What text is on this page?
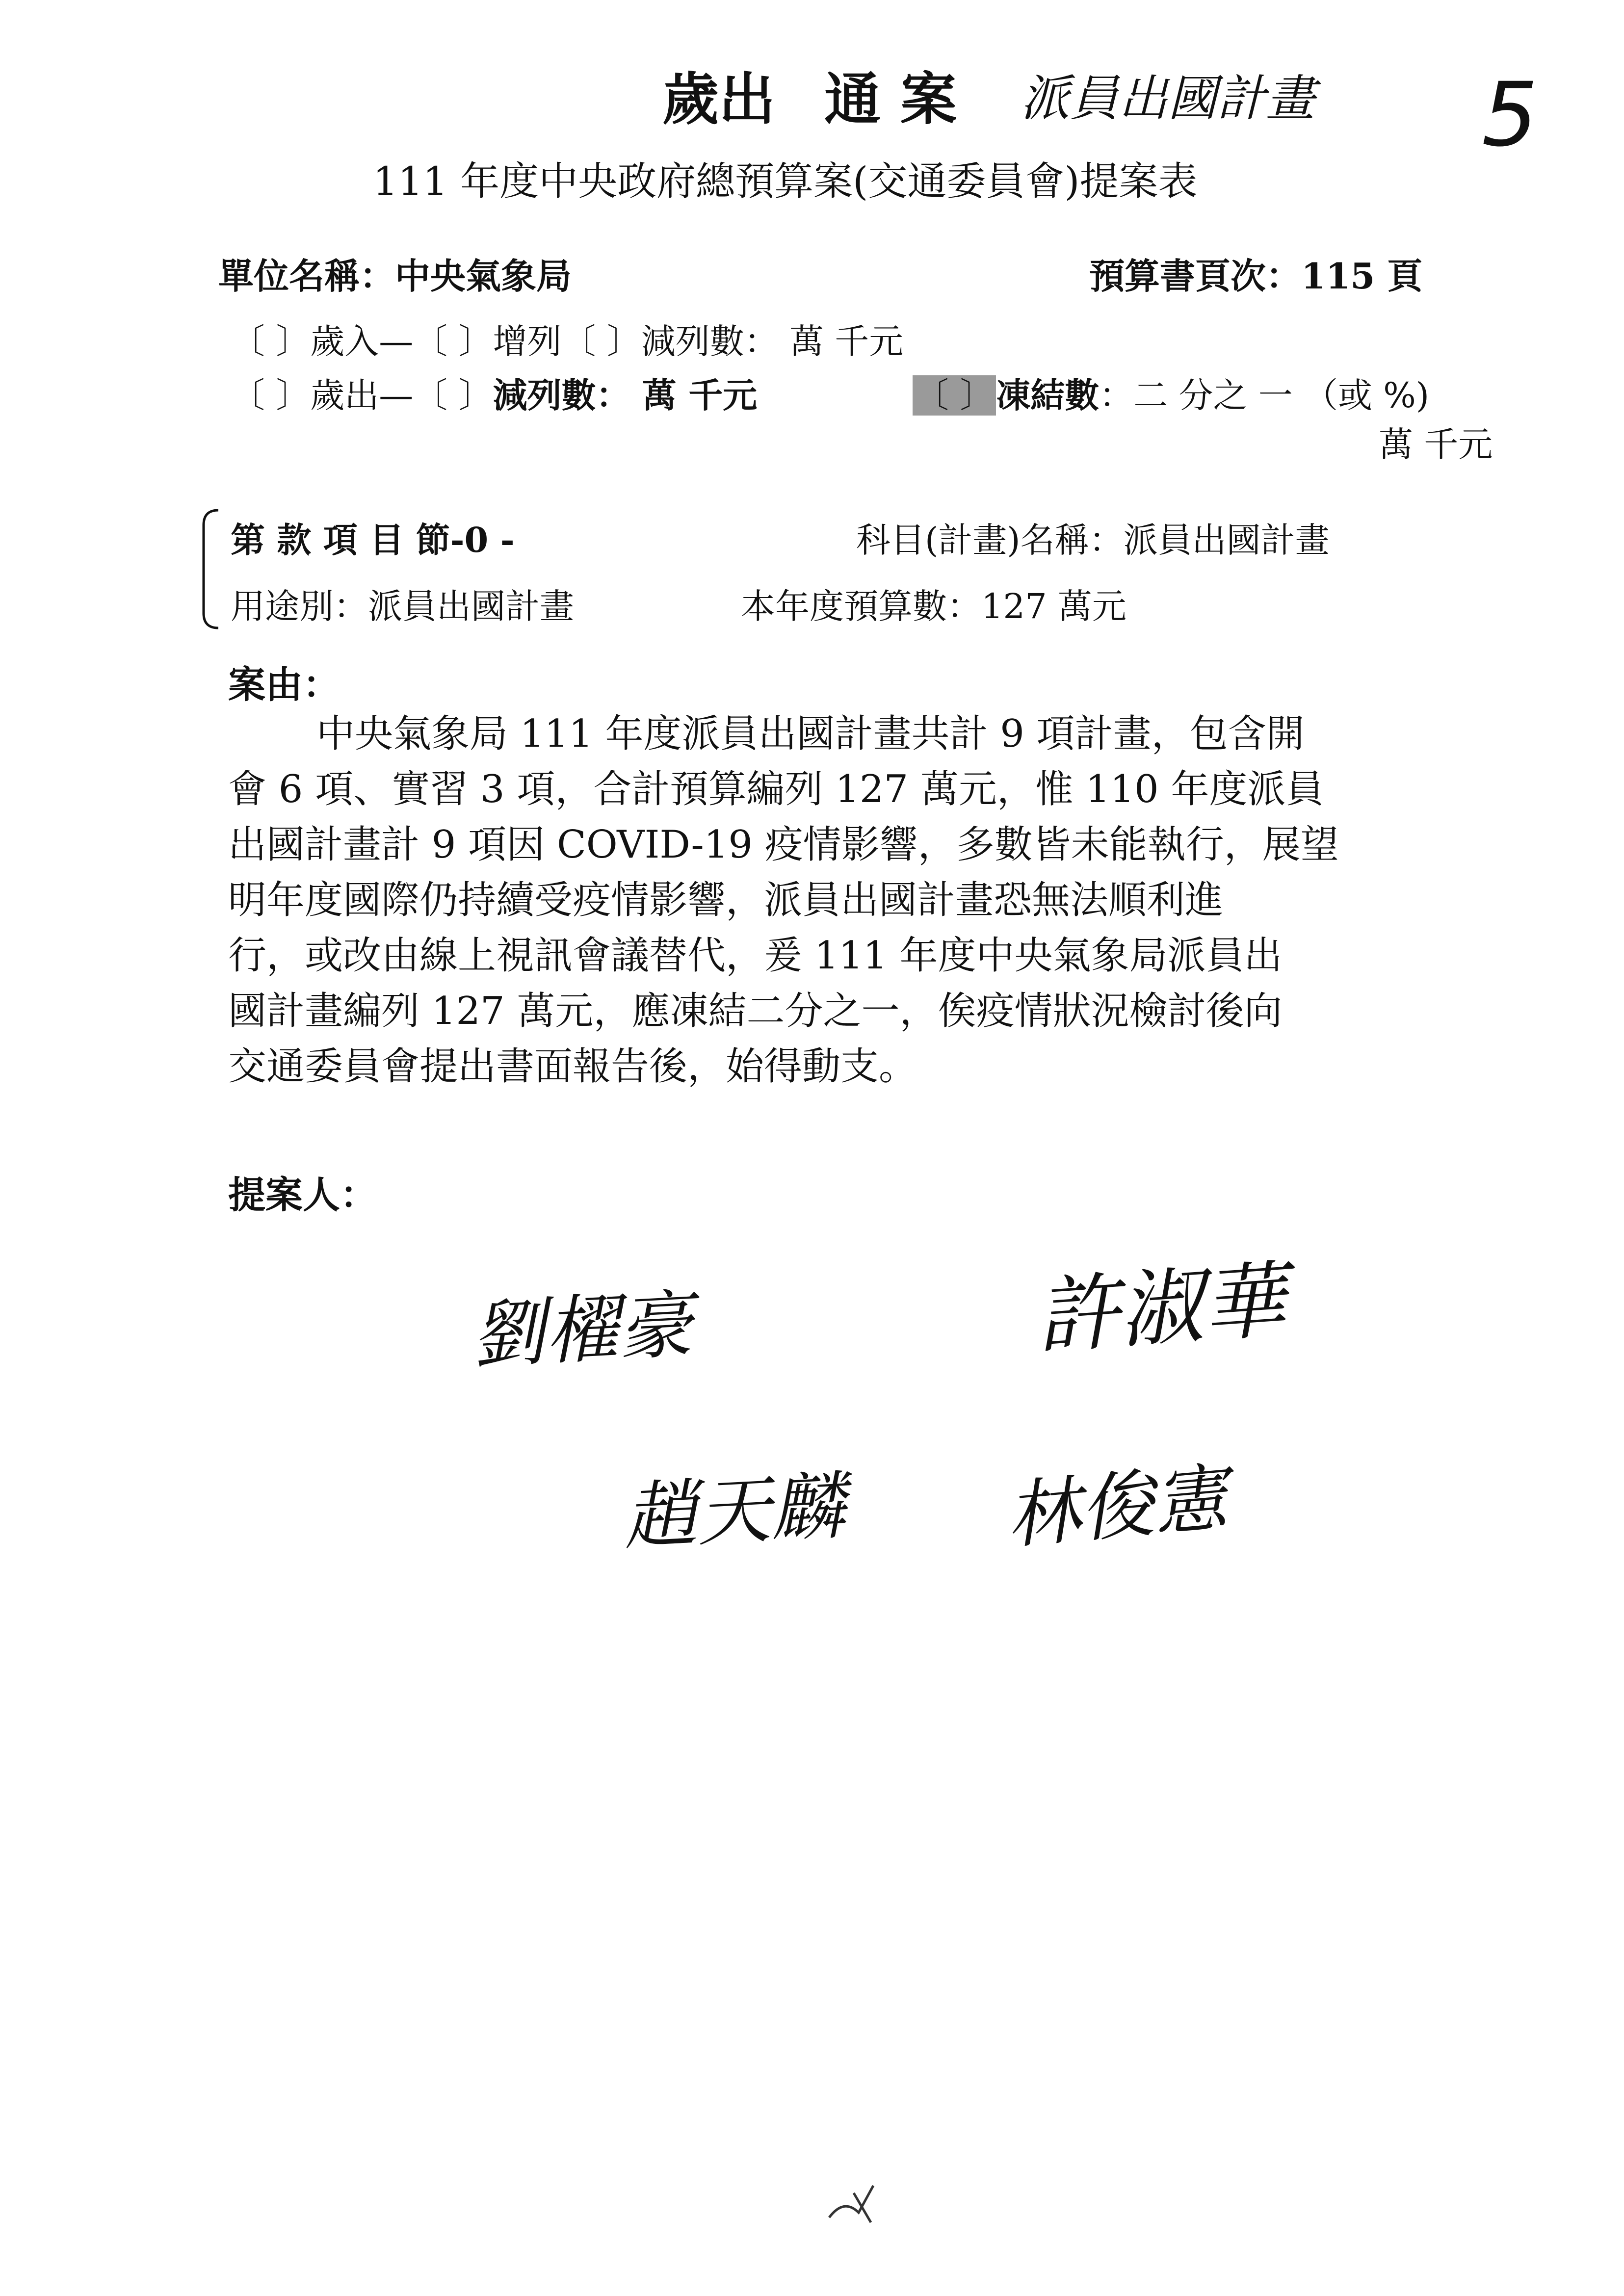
歲出 通 案 派員出國計畫 5
111 年度中央政府總預算案(交通委員會)提案表
單位名稱：中央氣象局	預算書頁次：115 頁
〔 〕歲入—〔 〕增列〔 〕減列數： 萬 千元
〔 〕歲出—〔 〕減列數： 萬 千元	〔 〕凍結數：二 分之 一 （或 %)
萬 千元
第 款 項 目 節-0 -	科目(計畫)名稱：派員出國計畫
用途別：派員出國計畫	本年度預算數：127 萬元
案由：
中央氣象局 111 年度派員出國計畫共計 9 項計畫，包含開
會 6 項、實習 3 項，合計預算編列 127 萬元，惟 110 年度派員
出國計畫計 9 項因 COVID-19 疫情影響，多數皆未能執行，展望
明年度國際仍持續受疫情影響，派員出國計畫恐無法順利進
行，或改由線上視訊會議替代，爰 111 年度中央氣象局派員出
國計畫編列 127 萬元，應凍結二分之一，俟疫情狀況檢討後向
交通委員會提出書面報告後，始得動支。
提案人：
劉櫂豪	許淑華
趙天麟 林俊憲
